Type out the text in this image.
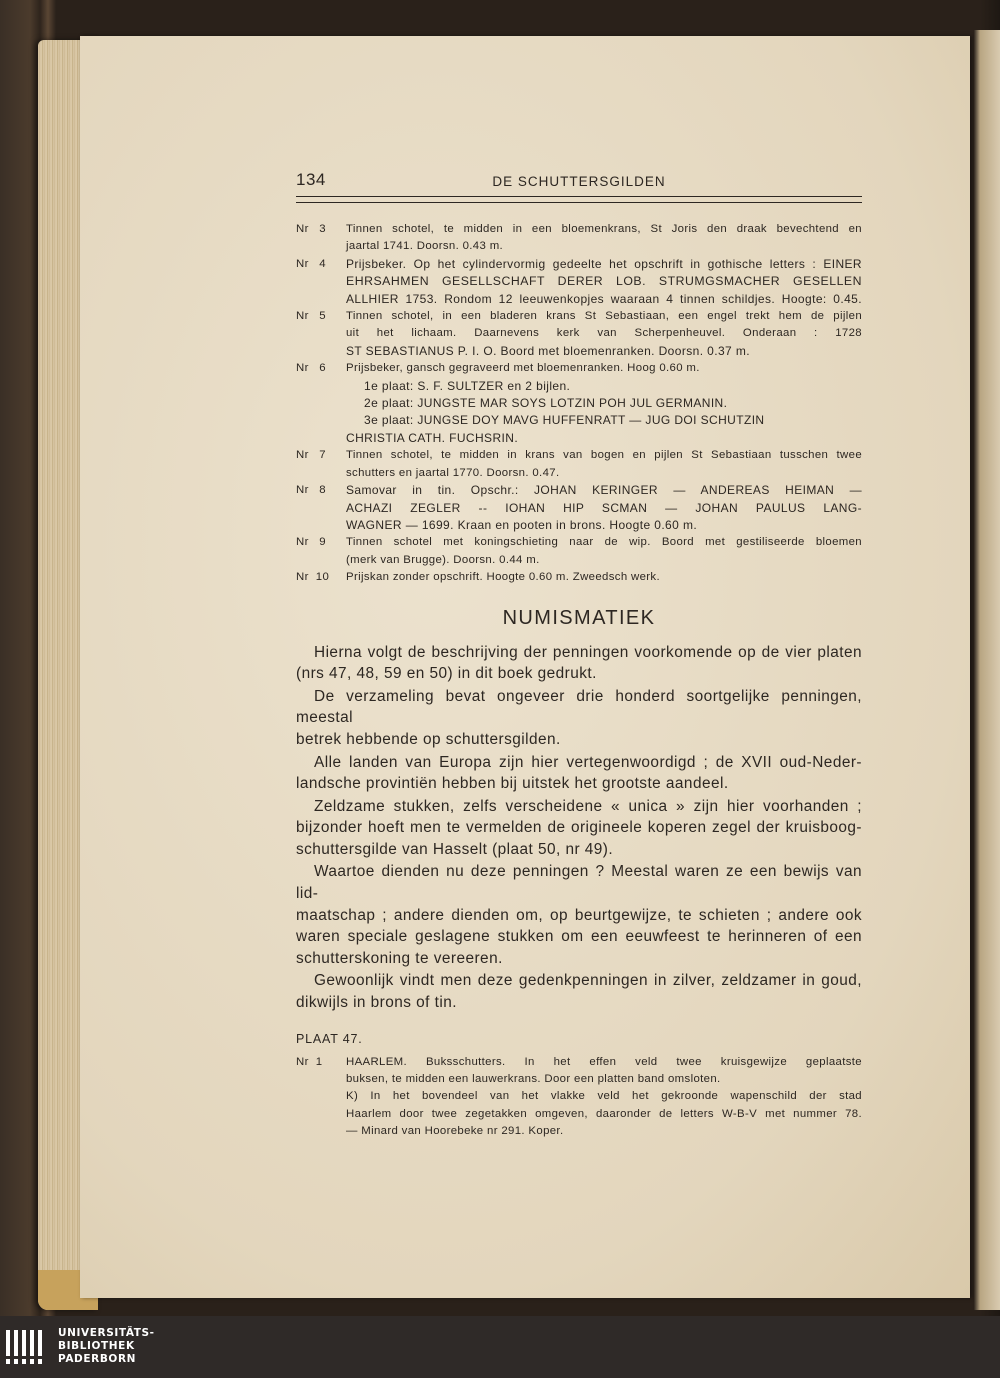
134	DE SCHUTTERSGILDEN
Nr 3	Tinnen schotel, te midden in een bloemenkrans, St Joris den draak bevechtend en
jaartal 1741. Doorsn. 0.43 m.
Nr 4	Prijsbeker. Op het cylindervormig gedeelte het opschrift in gothische letters : EINER
EHRSAHMEN GESELLSCHAFT DERER LOB. STRUMGSMACHER GESELLEN
ALLHIER 1753. Rondom 12 leeuwenkopjes waaraan 4 tinnen schildjes. Hoogte: 0.45.
Nr 5	Tinnen schotel, in een bladeren krans St Sebastiaan, een engel trekt hem de pijlen
uit het lichaam. Daarnevens kerk van Scherpenheuvel. Onderaan : 1728
ST SEBASTIANUS P. I. O. Boord met bloemenranken. Doorsn. 0.37 m.
Nr 6	Prijsbeker, gansch gegraveerd met bloemenranken. Hoog 0.60 m.
1e plaat: S. F. SULTZER en 2 bijlen.
2e plaat: JUNGSTE MAR SOYS LOTZIN POH JUL GERMANIN.
3e plaat: JUNGSE DOY MAVG HUFFENRATT — JUG DOI SCHUTZIN
CHRISTIA CATH. FUCHSRIN.
Nr 7	Tinnen schotel, te midden in krans van bogen en pijlen St Sebastiaan tusschen twee
schutters en jaartal 1770. Doorsn. 0.47.
Nr 8	Samovar in tin. Opschr.: JOHAN KERINGER — ANDEREAS HEIMAN —
ACHAZI ZEGLER -- IOHAN HIP SCMAN — JOHAN PAULUS LANG-
WAGNER — 1699. Kraan en pooten in brons. Hoogte 0.60 m.
Nr 9	Tinnen schotel met koningschieting naar de wip. Boord met gestiliseerde bloemen
(merk van Brugge). Doorsn. 0.44 m.
Nr 10	Prijskan zonder opschrift. Hoogte 0.60 m. Zweedsch werk.
NUMISMATIEK

Hierna volgt de beschrijving der penningen voorkomende op de vier platen
(nrs 47, 48, 59 en 50) in dit boek gedrukt.

De verzameling bevat ongeveer drie honderd soortgelijke penningen, meestal
betrek hebbende op schuttersgilden.

Alle landen van Europa zijn hier vertegenwoordigd ; de XVII oud-Neder-
landsche provintiën hebben bij uitstek het grootste aandeel.

Zeldzame stukken, zelfs verscheidene « unica » zijn hier voorhanden ;
bijzonder hoeft men te vermelden de origineele koperen zegel der kruisboog-
schuttersgilde van Hasselt (plaat 50, nr 49).

Waartoe dienden nu deze penningen ? Meestal waren ze een bewijs van lid-
maatschap ; andere dienden om, op beurtgewijze, te schieten ; andere ook
waren speciale geslagene stukken om een eeuwfeest te herinneren of een
schutterskoning te vereeren.

Gewoonlijk vindt men deze gedenkpenningen in zilver, zeldzamer in goud,
dikwijls in brons of tin.

PLAAT 47.
Nr 1	HAARLEM. Buksschutters. In het effen veld twee kruisgewijze geplaatste
buksen, te midden een lauwerkrans. Door een platten band omsloten.
K) In het bovendeel van het vlakke veld het gekroonde wapenschild der stad
Haarlem door twee zegetakken omgeven, daaronder de letters W-B-V met nummer 78.
— Minard van Hoorebeke nr 291. Koper.
UNIVERSITÄTS-
BIBLIOTHEK
PADERBORN
